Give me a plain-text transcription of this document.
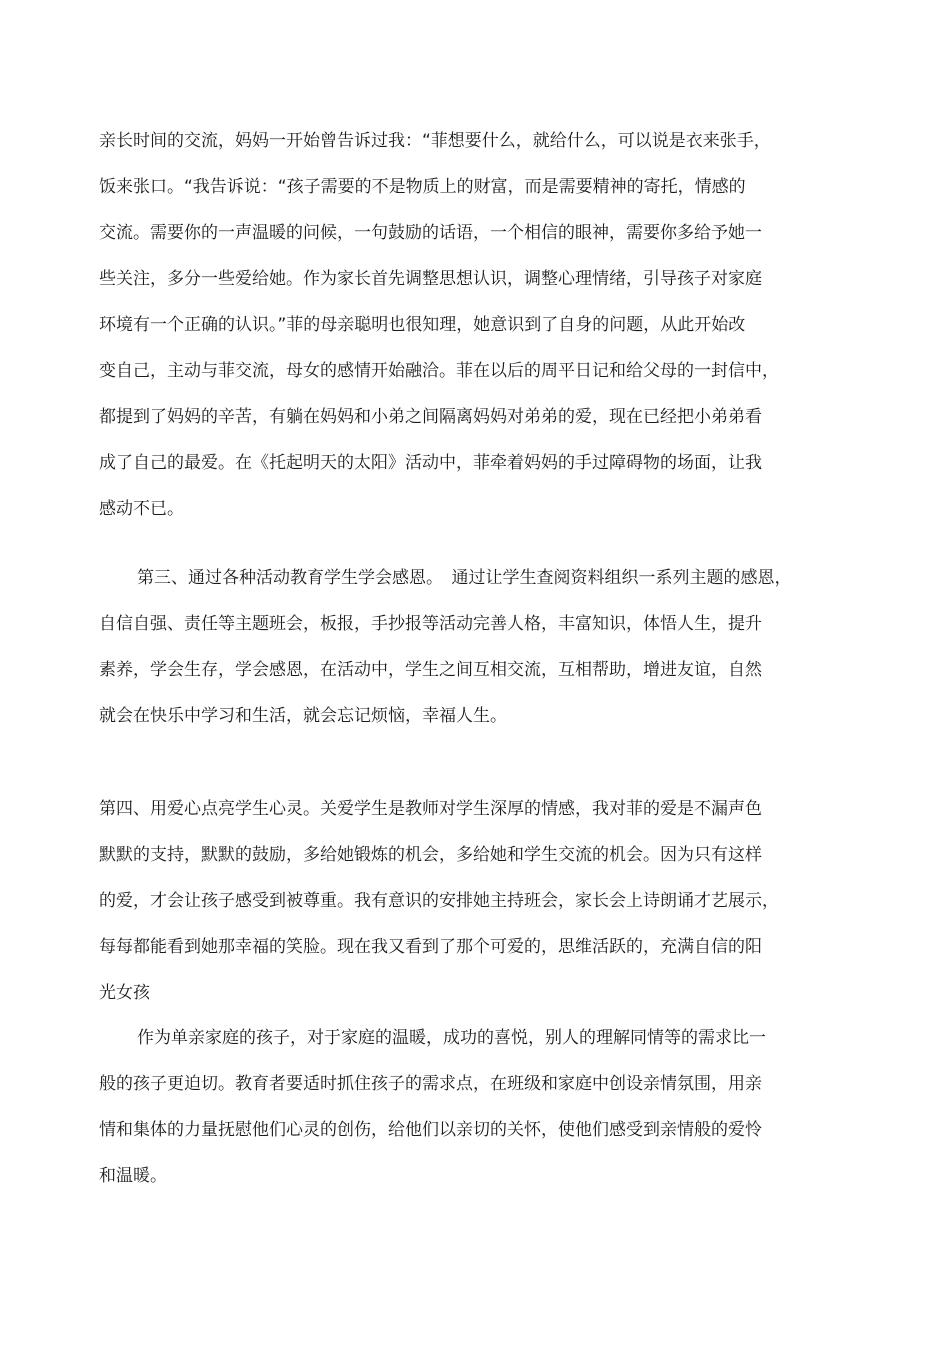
亲长时间的交流，妈妈一开始曾告诉过我：“菲想要什么，就给什么，可以说是衣来张手，
饭来张口。“我告诉说：“孩子需要的不是物质上的财富，而是需要精神的寄托，情感的
交流。需要你的一声温暖的问候，一句鼓励的话语，一个相信的眼神，需要你多给予她一
些关注，多分一些爱给她。作为家长首先调整思想认识，调整心理情绪，引导孩子对家庭
环境有一个正确的认识。”菲的母亲聪明也很知理，她意识到了自身的问题，从此开始改
变自己，主动与菲交流，母女的感情开始融洽。菲在以后的周平日记和给父母的一封信中，
都提到了妈妈的辛苦，有躺在妈妈和小弟之间隔离妈妈对弟弟的爱，现在已经把小弟弟看
成了自己的最爱。在《托起明天的太阳》活动中，菲牵着妈妈的手过障碍物的场面，让我
感动不已。
第三、通过各种活动教育学生学会感恩。　通过让学生查阅资料组织一系列主题的感恩，
自信自强、责任等主题班会，板报，手抄报等活动完善人格，丰富知识，体悟人生，提升
素养，学会生存，学会感恩，在活动中，学生之间互相交流，互相帮助，增进友谊，自然
就会在快乐中学习和生活，就会忘记烦恼，幸福人生。
第四、用爱心点亮学生心灵。关爱学生是教师对学生深厚的情感，我对菲的爱是不漏声色
默默的支持，默默的鼓励，多给她锻炼的机会，多给她和学生交流的机会。因为只有这样
的爱，才会让孩子感受到被尊重。我有意识的安排她主持班会，家长会上诗朗诵才艺展示，
每每都能看到她那幸福的笑脸。现在我又看到了那个可爱的，思维活跃的，充满自信的阳
光女孩
作为单亲家庭的孩子，对于家庭的温暖，成功的喜悦，别人的理解同情等的需求比一
般的孩子更迫切。教育者要适时抓住孩子的需求点，在班级和家庭中创设亲情氛围，用亲
情和集体的力量抚慰他们心灵的创伤，给他们以亲切的关怀，使他们感受到亲情般的爱怜
和温暖。
